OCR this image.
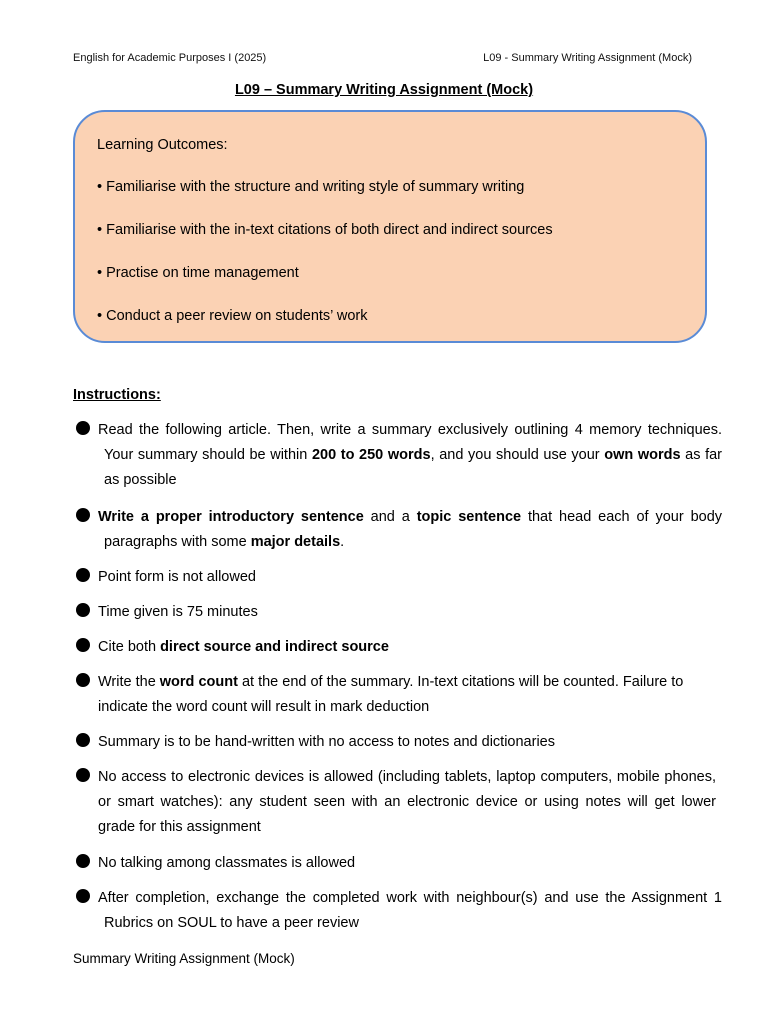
English for Academic Purposes I (2025)	L09 - Summary Writing Assignment (Mock)
L09 – Summary Writing Assignment (Mock)
Learning Outcomes:
• Familiarise with the structure and writing style of summary writing
• Familiarise with the in-text citations of both direct and indirect sources
• Practise on time management
• Conduct a peer review on students’ work
Instructions:
Read the following article. Then, write a summary exclusively outlining 4 memory techniques. Your summary should be within 200 to 250 words, and you should use your own words as far as possible
Write a proper introductory sentence and a topic sentence that head each of your body paragraphs with some major details.
Point form is not allowed
Time given is 75 minutes
Cite both direct source and indirect source
Write the word count at the end of the summary. In-text citations will be counted. Failure to indicate the word count will result in mark deduction
Summary is to be hand-written with no access to notes and dictionaries
No access to electronic devices is allowed (including tablets, laptop computers, mobile phones, or smart watches): any student seen with an electronic device or using notes will get lower grade for this assignment
No talking among classmates is allowed
After completion, exchange the completed work with neighbour(s) and use the Assignment 1 Rubrics on SOUL to have a peer review
Summary Writing Assignment (Mock)
